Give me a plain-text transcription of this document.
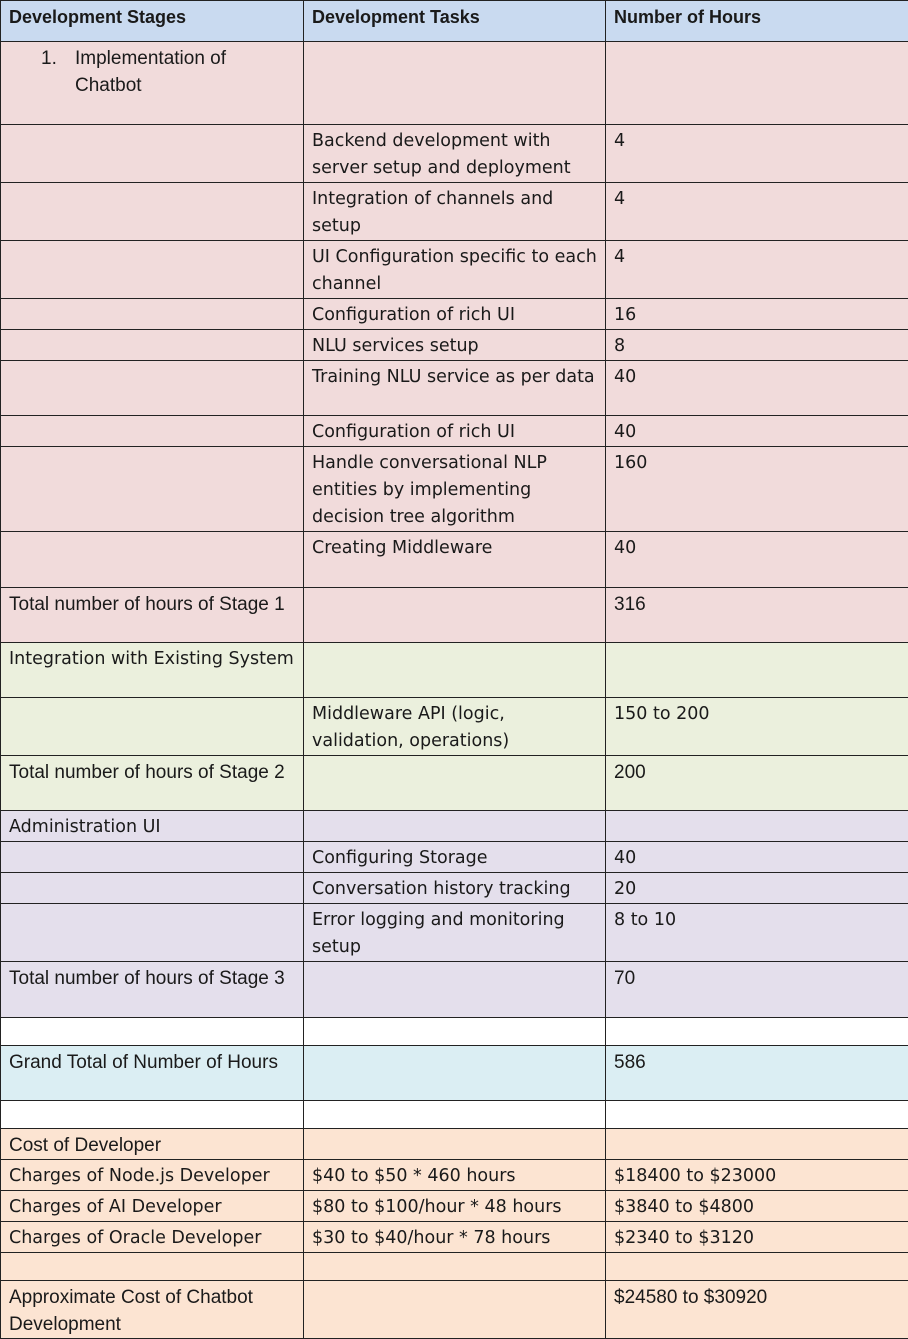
Development Stages	Development Tasks	Number of Hours
1. Implementation of Chatbot		
	Backend development with server setup and deployment	4
	Integration of channels and setup	4
	UI Configuration specific to each channel	4
	Configuration of rich UI	16
	NLU services setup	8
	Training NLU service as per data	40
	Configuration of rich UI	40
	Handle conversational NLP entities by implementing decision tree algorithm	160
	Creating Middleware	40
Total number of hours of Stage 1		316
Integration with Existing System		
	Middleware API (logic, validation, operations)	150 to 200
Total number of hours of Stage 2		200
Administration UI		
	Configuring Storage	40
	Conversation history tracking	20
	Error logging and monitoring setup	8 to 10
Total number of hours of Stage 3		70

Grand Total of Number of Hours		586

Cost of Developer		
Charges of Node.js Developer	$40 to $50 * 460 hours	$18400 to $23000
Charges of AI Developer	$80 to $100/hour * 48 hours	$3840 to $4800
Charges of Oracle Developer	$30 to $40/hour * 78 hours	$2340 to $3120

Approximate Cost of Chatbot Development		$24580 to $30920
